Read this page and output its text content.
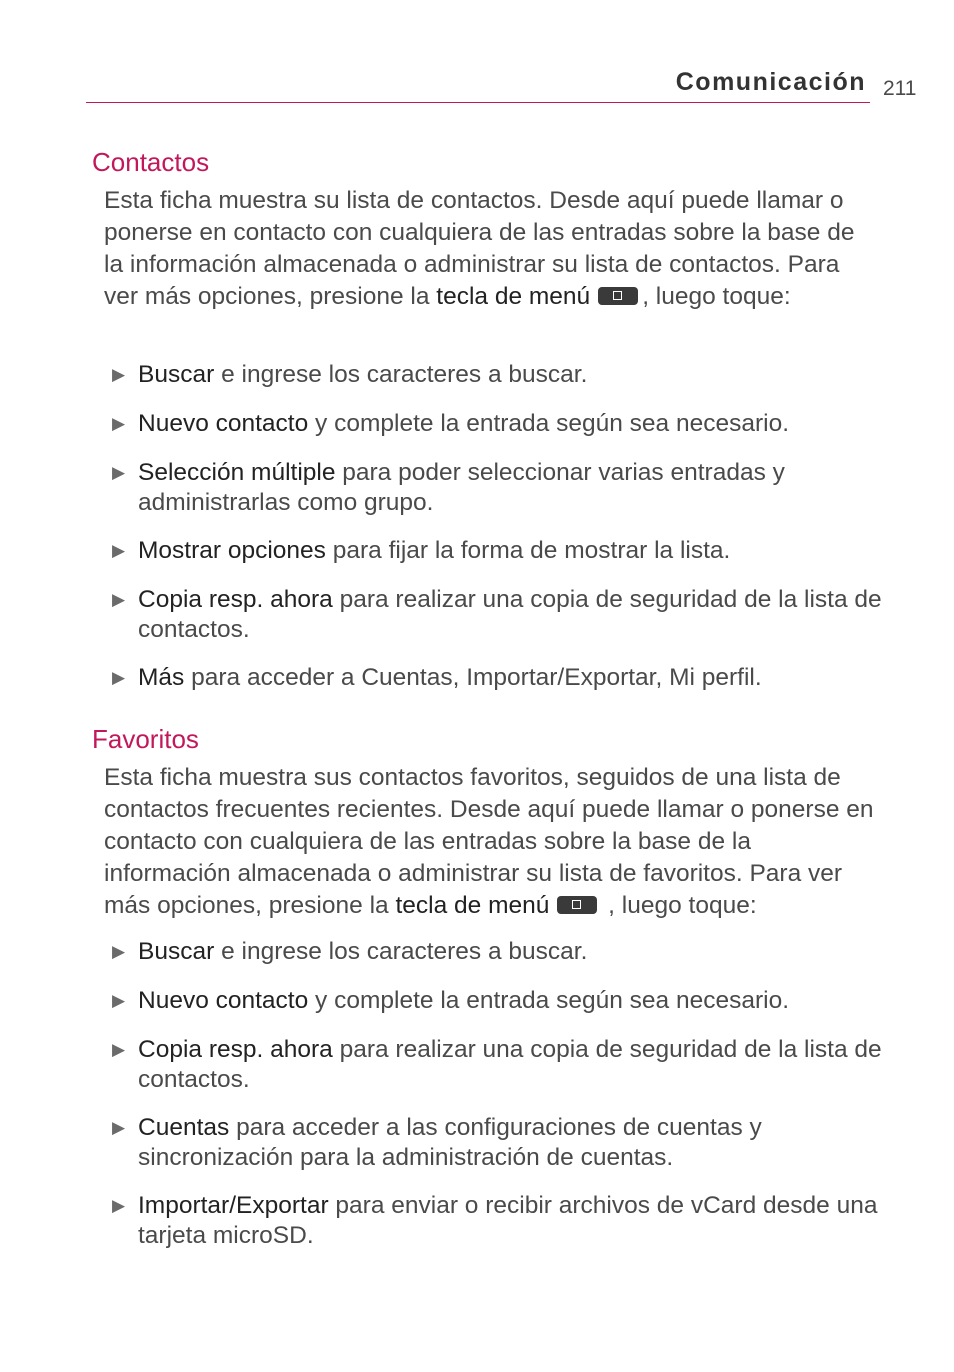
Comunicación 211
Contactos
Esta ficha muestra su lista de contactos. Desde aquí puede llamar o ponerse en contacto con cualquiera de las entradas sobre la base de la información almacenada o administrar su lista de contactos. Para ver más opciones, presione la tecla de menú , luego toque:
▶ Buscar e ingrese los caracteres a buscar.
▶ Nuevo contacto y complete la entrada según sea necesario.
▶ Selección múltiple para poder seleccionar varias entradas y administrarlas como grupo.
▶ Mostrar opciones para fijar la forma de mostrar la lista.
▶ Copia resp. ahora para realizar una copia de seguridad de la lista de contactos.
▶ Más para acceder a Cuentas, Importar/Exportar, Mi perfil.
Favoritos
Esta ficha muestra sus contactos favoritos, seguidos de una lista de contactos frecuentes recientes. Desde aquí puede llamar o ponerse en contacto con cualquiera de las entradas sobre la base de la información almacenada o administrar su lista de favoritos. Para ver más opciones, presione la tecla de menú
, luego toque:
▶ Buscar e ingrese los caracteres a buscar.
▶ Nuevo contacto y complete la entrada según sea necesario.
▶ Copia resp. ahora para realizar una copia de seguridad de la lista de contactos.
▶ Cuentas para acceder a las configuraciones de cuentas y sincronización para la administración de cuentas.
▶ Importar/Exportar para enviar o recibir archivos de vCard desde una tarjeta microSD.
